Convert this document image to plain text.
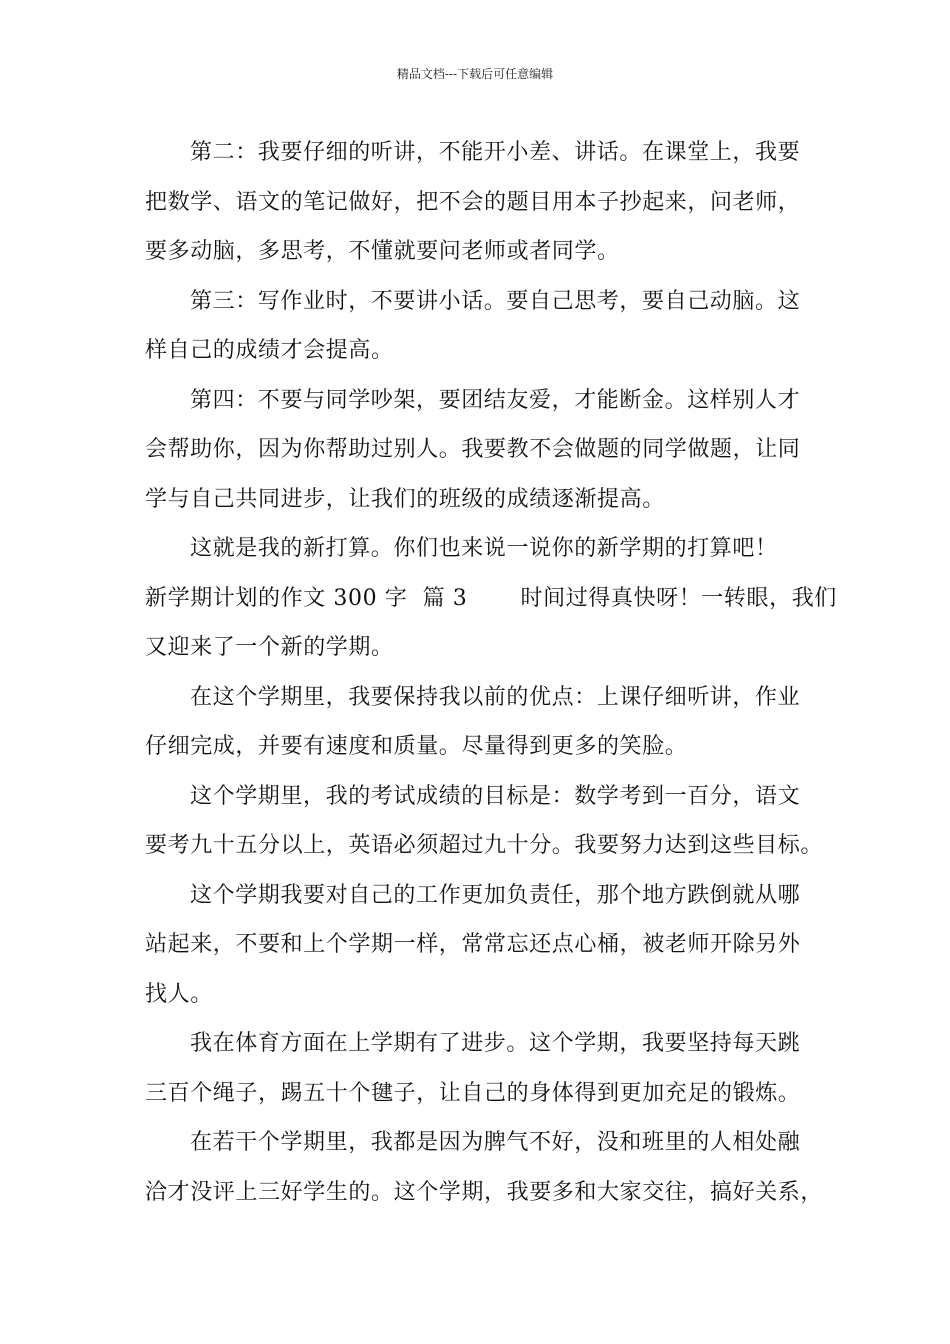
精品文档---下载后可任意编辑
第二：我要仔细的听讲，不能开小差、讲话。在课堂上，我要
把数学、语文的笔记做好，把不会的题目用本子抄起来，问老师，
要多动脑，多思考，不懂就要问老师或者同学。
第三：写作业时，不要讲小话。要自己思考，要自己动脑。这
样自己的成绩才会提高。
第四：不要与同学吵架，要团结友爱，才能断金。这样别人才
会帮助你，因为你帮助过别人。我要教不会做题的同学做题，让同
学与自己共同进步，让我们的班级的成绩逐渐提高。
这就是我的新打算。你们也来说一说你的新学期的打算吧！
新学期计划的作文 300 字  篇 3       时间过得真快呀！一转眼，我们
又迎来了一个新的学期。
在这个学期里，我要保持我以前的优点：上课仔细听讲，作业
仔细完成，并要有速度和质量。尽量得到更多的笑脸。
这个学期里，我的考试成绩的目标是：数学考到一百分，语文
要考九十五分以上，英语必须超过九十分。我要努力达到这些目标。
这个学期我要对自己的工作更加负责任，那个地方跌倒就从哪
站起来，不要和上个学期一样，常常忘还点心桶，被老师开除另外
找人。
我在体育方面在上学期有了进步。这个学期，我要坚持每天跳
三百个绳子，踢五十个毽子，让自己的身体得到更加充足的锻炼。
在若干个学期里，我都是因为脾气不好，没和班里的人相处融
洽才没评上三好学生的。这个学期，我要多和大家交往，搞好关系，
